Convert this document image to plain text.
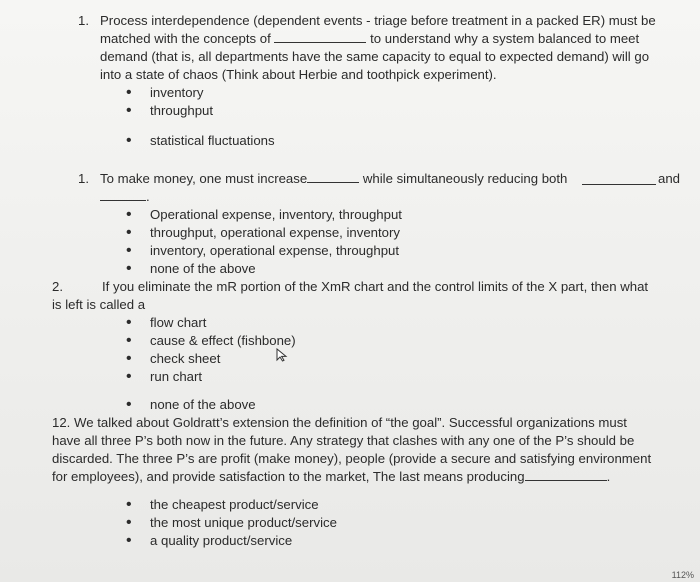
1. Process interdependence (dependent events - triage before treatment in a packed ER) must be
matched with the concepts of	to understand why a system balanced to meet
demand (that is, all departments have the same capacity to equal to expected demand) will go
into a state of chaos (Think about Herbie and toothpick experiment).
• inventory
• throughput
• statistical fluctuations
1. To make money, one must increase	while simultaneously reducing both	and
.
• Operational expense, inventory, throughput
• throughput, operational expense, inventory
• inventory, operational expense, throughput
• none of the above
2.	If you eliminate the mR portion of the XmR chart and the control limits of the X part, then what
is left is called a
• flow chart
• cause & effect (fishbone)
• check sheet
• run chart
• none of the above
12. We talked about Goldratt’s extension the definition of “the goal”. Successful organizations must
have all three P’s both now in the future. Any strategy that clashes with any one of the P’s should be
discarded. The three P’s are profit (make money), people (provide a secure and satisfying environment
for employees), and provide satisfaction to the market, The last means producing	.
• the cheapest product/service
• the most unique product/service
• a quality product/service
112%
